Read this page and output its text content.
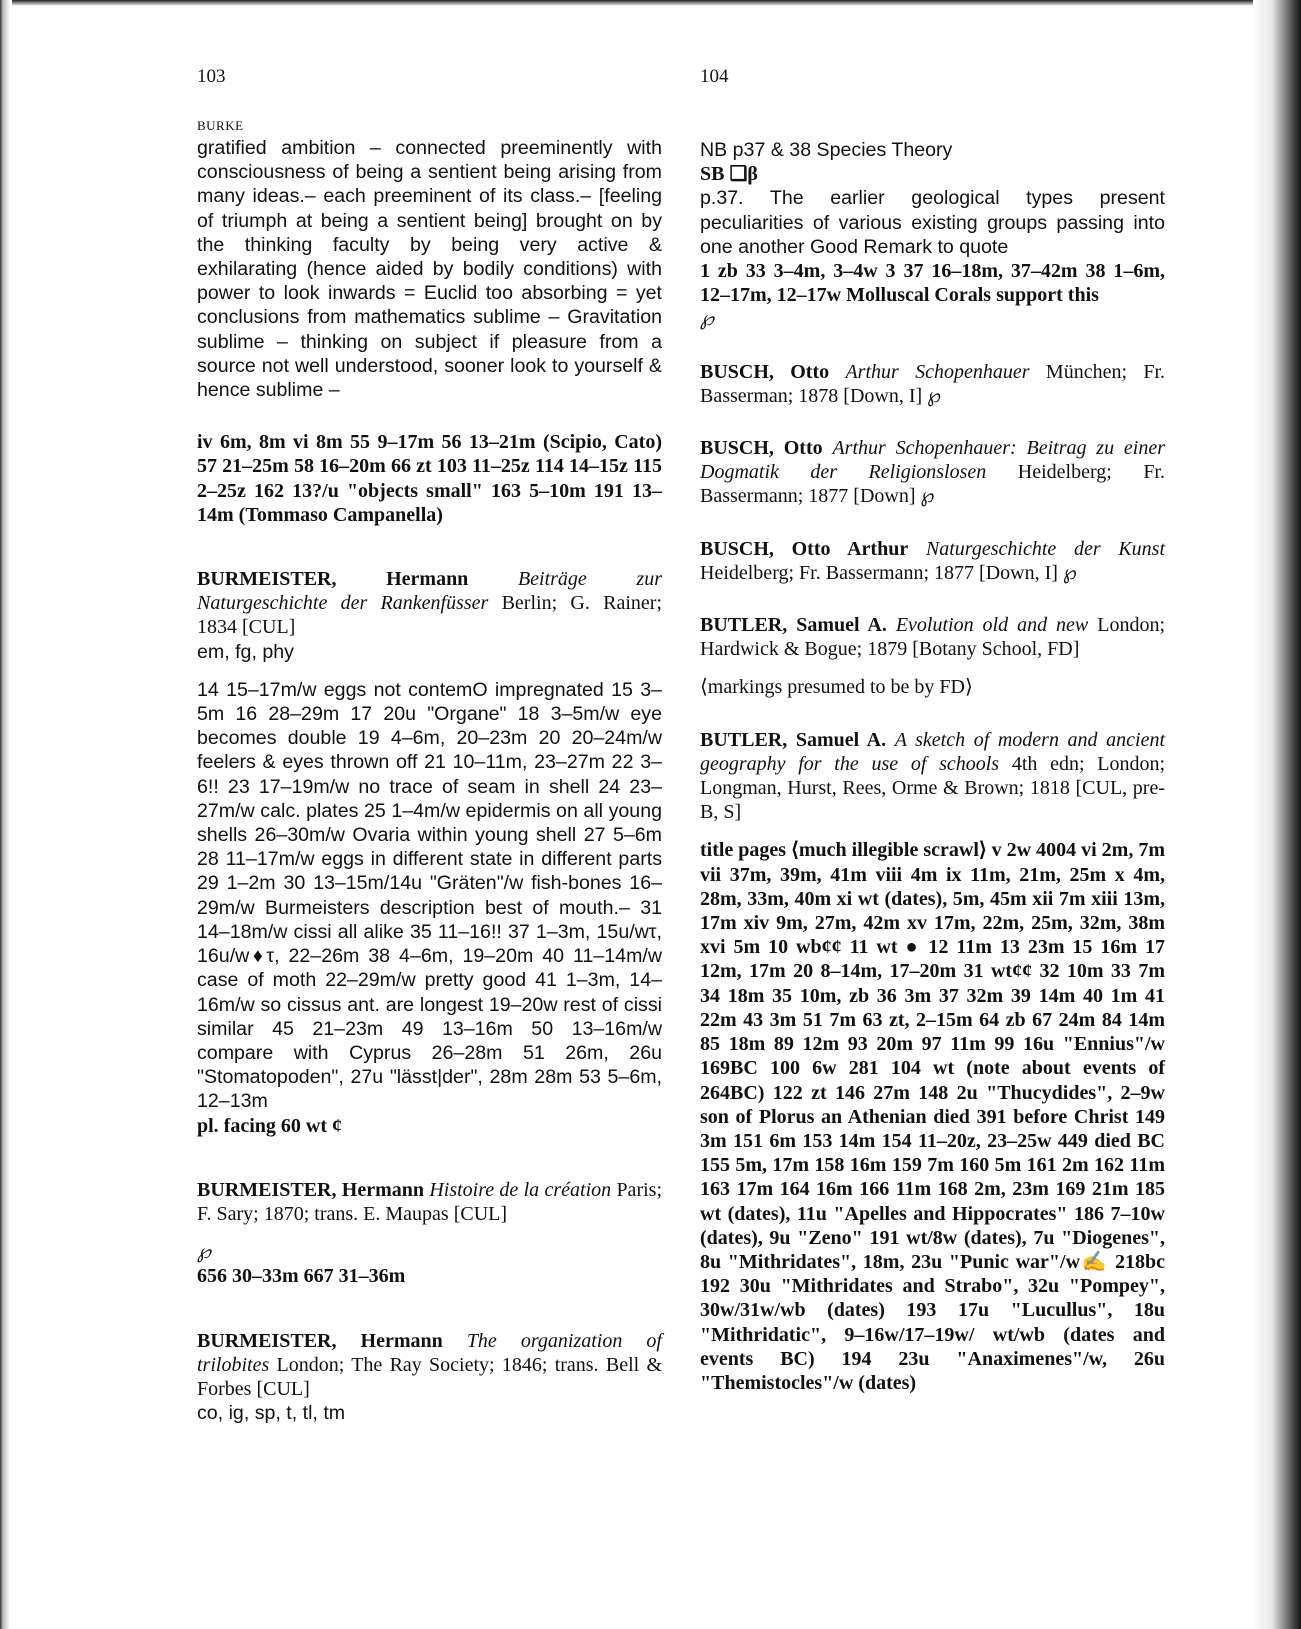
103	104
BURKE

gratified ambition – connected preeminently with consciousness of being a sentient being arising from many ideas.– each preeminent of its class.– [feeling of triumph at being a sentient being] brought on by the thinking faculty by being very active & exhilarating (hence aided by bodily conditions) with power to look inwards = Euclid too absorbing = yet conclusions from mathematics sublime – Gravitation sublime – thinking on subject if pleasure from a source not well understood, sooner look to yourself & hence sublime –

iv 6m, 8m vi 8m 55 9–17m 56 13–21m (Scipio, Cato) 57 21–25m 58 16–20m 66 zt 103 11–25z 114 14–15z 115 2–25z 162 13?/u "objects small" 163 5–10m 191 13–14m (Tommaso Campanella)

BURMEISTER, Hermann Beiträge zur Naturgeschichte der Rankenfüsser Berlin; G. Rainer; 1834 [CUL]

em, fg, phy

14 15–17m/w eggs not contemO impregnated 15 3–5m 16 28–29m 17 20u "Organe" 18 3–5m/w eye becomes double 19 4–6m, 20–23m 20 20–24m/w feelers & eyes thrown off 21 10–11m, 23–27m 22 3–6!! 23 17–19m/w no trace of seam in shell 24 23–27m/w calc. plates 25 1–4m/w epidermis on all young shells 26–30m/w Ovaria within young shell 27 5–6m 28 11–17m/w eggs in different state in different parts 29 1–2m 30 13–15m/14u "Gräten"/w fish-bones 16–29m/w Burmeisters description best of mouth.– 31 14–18m/w cissi all alike 35 11–16!! 37 1–3m, 15u/wτ, 16u/w♦τ, 22–26m 38 4–6m, 19–20m 40 11–14m/w case of moth 22–29m/w pretty good 41 1–3m, 14–16m/w so cissus ant. are longest 19–20w rest of cissi similar 45 21–23m 49 13–16m 50 13–16m/w compare with Cyprus 26–28m 51 26m, 26u "Stomatopoden", 27u "lässt|der", 28m 28m 53 5–6m, 12–13m

pl. facing 60 wt ¢

BURMEISTER, Hermann Histoire de la création Paris; F. Sary; 1870; trans. E. Maupas [CUL]

℘

656 30–33m 667 31–36m

BURMEISTER, Hermann The organization of trilobites London; The Ray Society; 1846; trans. Bell & Forbes [CUL]

co, ig, sp, t, tl, tm

NB p37 & 38 Species Theory

SB ❑β

p.37. The earlier geological types present peculiarities of various existing groups passing into one another Good Remark to quote

1 zb 33 3–4m, 3–4w 3 37 16–18m, 37–42m 38 1–6m, 12–17m, 12–17w Molluscal Corals support this

℘

BUSCH, Otto Arthur Schopenhauer München; Fr. Basserman; 1878 [Down, I] ℘

BUSCH, Otto Arthur Schopenhauer: Beitrag zu einer Dogmatik der Religionslosen Heidelberg; Fr. Bassermann; 1877 [Down] ℘

BUSCH, Otto Arthur Naturgeschichte der Kunst Heidelberg; Fr. Bassermann; 1877 [Down, I] ℘

BUTLER, Samuel A. Evolution old and new London; Hardwick & Bogue; 1879 [Botany School, FD]

⟨markings presumed to be by FD⟩

BUTLER, Samuel A. A sketch of modern and ancient geography for the use of schools 4th edn; London; Longman, Hurst, Rees, Orme & Brown; 1818 [CUL, pre-B, S]

title pages ⟨much illegible scrawl⟩ v 2w 4004 vi 2m, 7m vii 37m, 39m, 41m viii 4m ix 11m, 21m, 25m x 4m, 28m, 33m, 40m xi wt (dates), 5m, 45m xii 7m xiii 13m, 17m xiv 9m, 27m, 42m xv 17m, 22m, 25m, 32m, 38m xvi 5m 10 wb¢¢ 11 wt ● 12 11m 13 23m 15 16m 17 12m, 17m 20 8–14m, 17–20m 31 wt¢¢ 32 10m 33 7m 34 18m 35 10m, zb 36 3m 37 32m 39 14m 40 1m 41 22m 43 3m 51 7m 63 zt, 2–15m 64 zb 67 24m 84 14m 85 18m 89 12m 93 20m 97 11m 99 16u "Ennius"/w 169BC 100 6w 281 104 wt (note about events of 264BC) 122 zt 146 27m 148 2u "Thucydides", 2–9w son of Plorus an Athenian died 391 before Christ 149 3m 151 6m 153 14m 154 11–20z, 23–25w 449 died BC 155 5m, 17m 158 16m 159 7m 160 5m 161 2m 162 11m 163 17m 164 16m 166 11m 168 2m, 23m 169 21m 185 wt (dates), 11u "Apelles and Hippocrates" 186 7–10w (dates), 9u "Zeno" 191 wt/8w (dates), 7u "Diogenes", 8u "Mithridates", 18m, 23u "Punic war"/w✍ 218bc 192 30u "Mithridates and Strabo", 32u "Pompey", 30w/31w/wb (dates) 193 17u "Lucullus", 18u "Mithridatic", 9–16w/17–19w/ wt/wb (dates and events BC) 194 23u "Anaximenes"/w, 26u "Themistocles"/w (dates)
